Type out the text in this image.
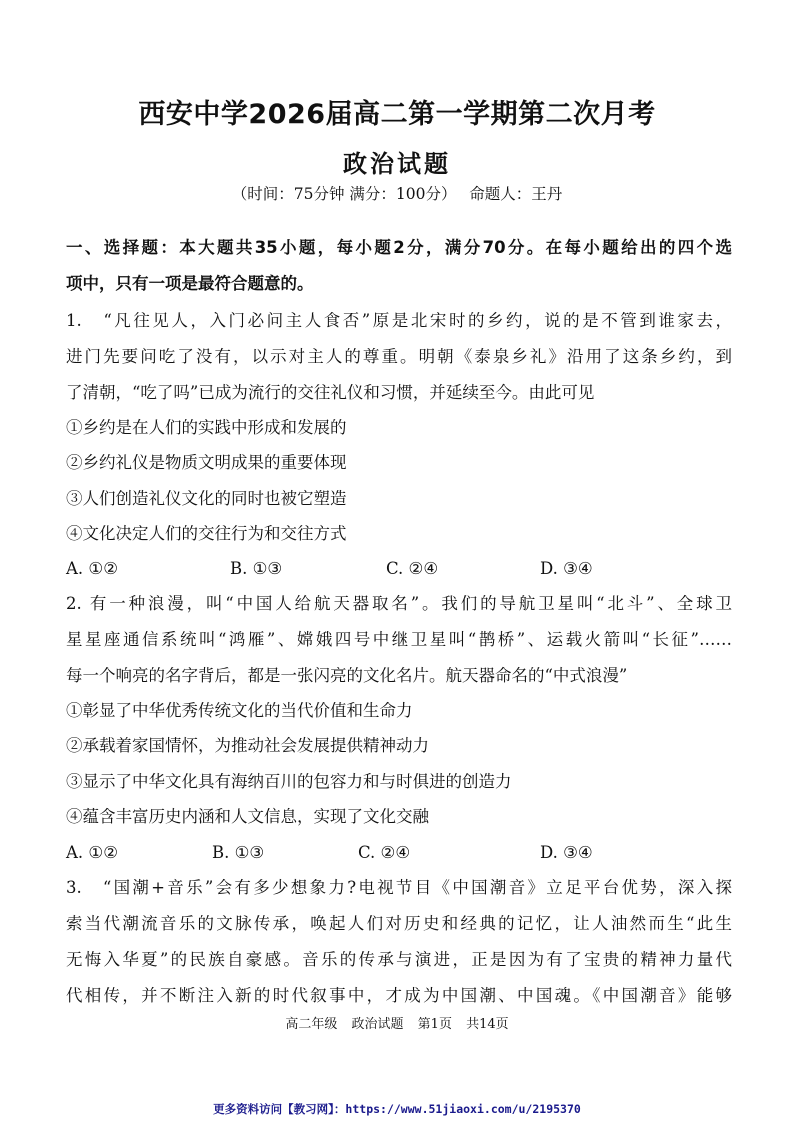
西安中学2026届高二第一学期第二次月考
政治试题
（时间：75分钟 满分：100分）　 命题人：王丹
一、选择题：本大题共35小题，每小题2分，满分70分。在每小题给出的四个选
项中，只有一项是最符合题意的。
1.　“凡往见人，入门必问主人食否”原是北宋时的乡约，说的是不管到谁家去，
进门先要问吃了没有，以示对主人的尊重。明朝《泰泉乡礼》沿用了这条乡约，到
了清朝，“吃了吗”已成为流行的交往礼仪和习惯，并延续至今。由此可见
①乡约是在人们的实践中形成和发展的
②乡约礼仪是物质文明成果的重要体现
③人们创造礼仪文化的同时也被它塑造
④文化决定人们的交往行为和交往方式
A. ①②	B. ①③	C. ②④	D. ③④
2. 有一种浪漫，叫“中国人给航天器取名”。我们的导航卫星叫“北斗”、全球卫
星星座通信系统叫“鸿雁”、嫦娥四号中继卫星叫“鹊桥”、运载火箭叫“长征”……
每一个响亮的名字背后，都是一张闪亮的文化名片。航天器命名的“中式浪漫”
①彰显了中华优秀传统文化的当代价值和生命力
②承载着家国情怀，为推动社会发展提供精神动力
③显示了中华文化具有海纳百川的包容力和与时俱进的创造力
④蕴含丰富历史内涵和人文信息，实现了文化交融
A. ①②	B. ①③	C. ②④	D. ③④
3.　“国潮+音乐”会有多少想象力?电视节目《中国潮音》立足平台优势，深入探
索当代潮流音乐的文脉传承，唤起人们对历史和经典的记忆，让人油然而生“此生
无悔入华夏”的民族自豪感。音乐的传承与演进，正是因为有了宝贵的精神力量代
代相传，并不断注入新的时代叙事中，才成为中国潮、中国魂。《中国潮音》能够
高二年级 政治试题 第1页 共14页
更多资料访问【教习网】：https://www.51jiaoxi.com/u/2195370
